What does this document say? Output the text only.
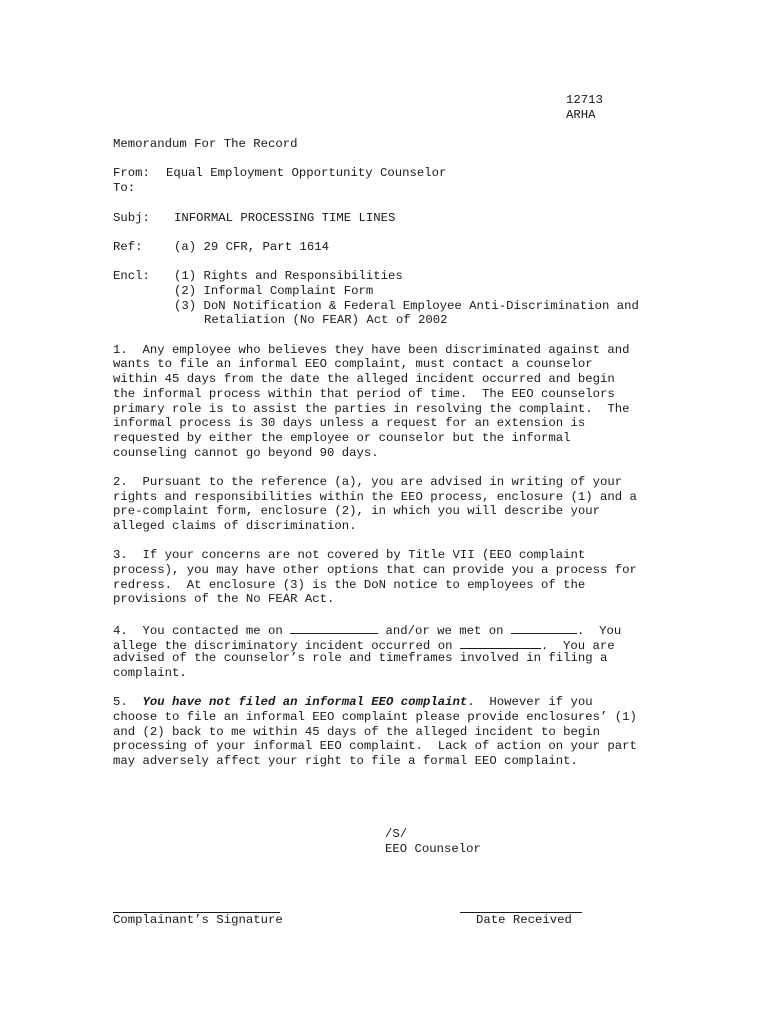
12713
ARHA
Memorandum For The Record
From:	Equal Employment Opportunity Counselor
To:
Subj:	INFORMAL PROCESSING TIME LINES
Ref:	(a) 29 CFR, Part 1614
Encl:	(1) Rights and Responsibilities
(2) Informal Complaint Form
(3) DoN Notification & Federal Employee Anti-Discrimination and
Retaliation (No FEAR) Act of 2002
1.  Any employee who believes they have been discriminated against and
wants to file an informal EEO complaint, must contact a counselor
within 45 days from the date the alleged incident occurred and begin
the informal process within that period of time.  The EEO counselors
primary role is to assist the parties in resolving the complaint.  The
informal process is 30 days unless a request for an extension is
requested by either the employee or counselor but the informal
counseling cannot go beyond 90 days.
2.  Pursuant to the reference (a), you are advised in writing of your
rights and responsibilities within the EEO process, enclosure (1) and a
pre-complaint form, enclosure (2), in which you will describe your
alleged claims of discrimination.
3.  If your concerns are not covered by Title VII (EEO complaint
process), you may have other options that can provide you a process for
redress.  At enclosure (3) is the DoN notice to employees of the
provisions of the No FEAR Act.
4.  You contacted me on	and/or we met on	.  You
allege the discriminatory incident occurred on	.  You are
advised of the counselor’s role and timeframes involved in filing a
complaint.
5.  You have not filed an informal EEO complaint.  However if you
choose to file an informal EEO complaint please provide enclosures’ (1)
and (2) back to me within 45 days of the alleged incident to begin
processing of your informal EEO complaint.  Lack of action on your part
may adversely affect your right to file a formal EEO complaint.
/S/
EEO Counselor
Complainant’s Signature	Date Received
